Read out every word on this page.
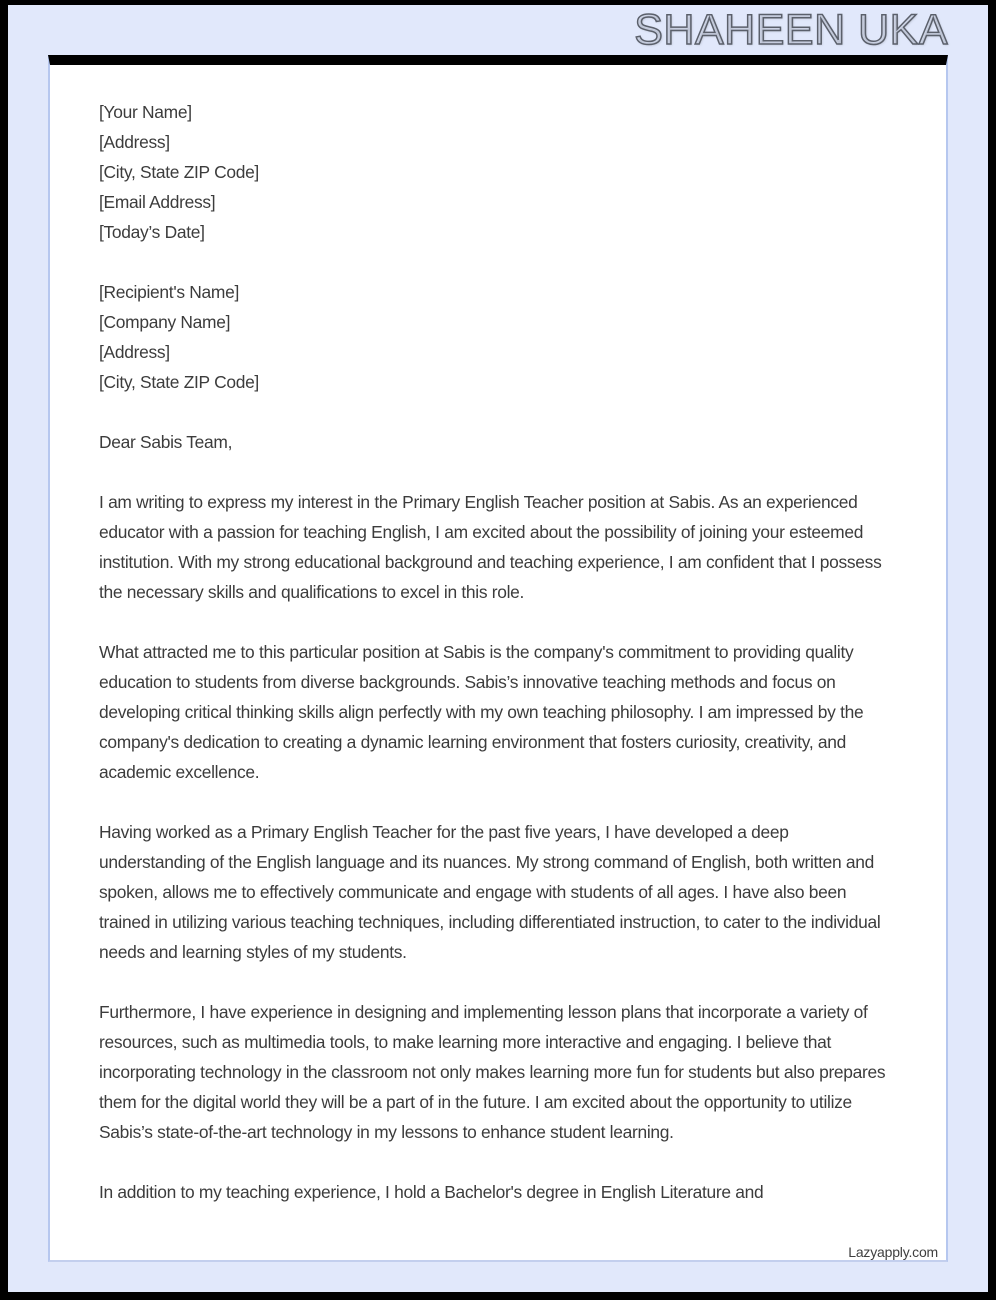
SHAHEEN UKA
[Your Name]
[Address]
[City, State ZIP Code]
[Email Address]
[Today’s Date]
[Recipient's Name]
[Company Name]
[Address]
[City, State ZIP Code]
Dear Sabis Team,

I am writing to express my interest in the Primary English Teacher position at Sabis. As an experienced educator with a passion for teaching English, I am excited about the possibility of joining your esteemed institution. With my strong educational background and teaching experience, I am confident that I possess the necessary skills and qualifications to excel in this role.

What attracted me to this particular position at Sabis is the company's commitment to providing quality education to students from diverse backgrounds. Sabis’s innovative teaching methods and focus on developing critical thinking skills align perfectly with my own teaching philosophy. I am impressed by the company's dedication to creating a dynamic learning environment that fosters curiosity, creativity, and academic excellence.

Having worked as a Primary English Teacher for the past five years, I have developed a deep understanding of the English language and its nuances. My strong command of English, both written and spoken, allows me to effectively communicate and engage with students of all ages. I have also been trained in utilizing various teaching techniques, including differentiated instruction, to cater to the individual needs and learning styles of my students.

Furthermore, I have experience in designing and implementing lesson plans that incorporate a variety of resources, such as multimedia tools, to make learning more interactive and engaging. I believe that incorporating technology in the classroom not only makes learning more fun for students but also prepares them for the digital world they will be a part of in the future. I am excited about the opportunity to utilize Sabis’s state-of-the-art technology in my lessons to enhance student learning.

In addition to my teaching experience, I hold a Bachelor's degree in English Literature and

Lazyapply.com
